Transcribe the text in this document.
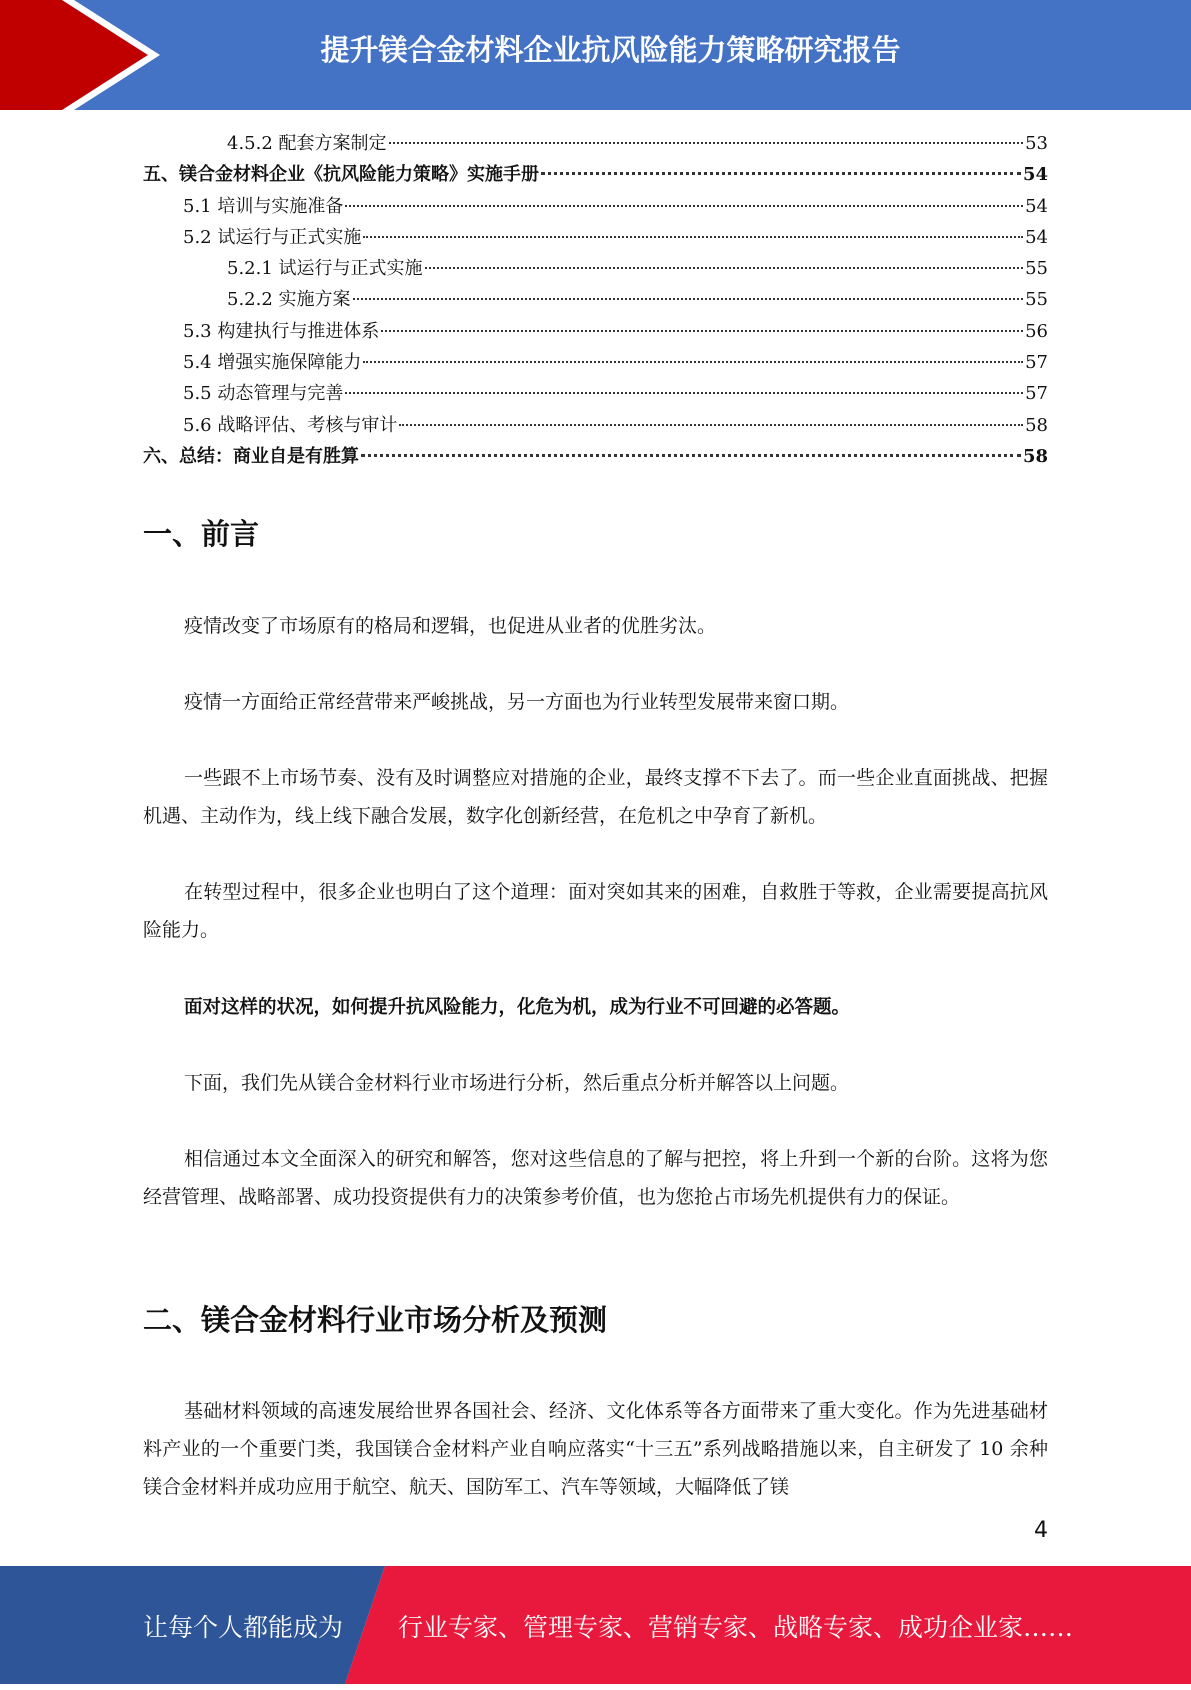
提升镁合金材料企业抗风险能力策略研究报告
4.5.2 配套方案制定	53
五、镁合金材料企业《抗风险能力策略》实施手册	54
5.1 培训与实施准备	54
5.2 试运行与正式实施	54
5.2.1 试运行与正式实施	55
5.2.2 实施方案	55
5.3 构建执行与推进体系	56
5.4 增强实施保障能力	57
5.5 动态管理与完善	57
5.6 战略评估、考核与审计	58
六、总结：商业自是有胜算	58
一、前言

疫情改变了市场原有的格局和逻辑，也促进从业者的优胜劣汰。

疫情一方面给正常经营带来严峻挑战，另一方面也为行业转型发展带来窗口期。

一些跟不上市场节奏、没有及时调整应对措施的企业，最终支撑不下去了。而一些企业直面挑战、把握机遇、主动作为，线上线下融合发展，数字化创新经营，在危机之中孕育了新机。

在转型过程中，很多企业也明白了这个道理：面对突如其来的困难，自救胜于等救，企业需要提高抗风险能力。

面对这样的状况，如何提升抗风险能力，化危为机，成为行业不可回避的必答题。

下面，我们先从镁合金材料行业市场进行分析，然后重点分析并解答以上问题。

相信通过本文全面深入的研究和解答，您对这些信息的了解与把控，将上升到一个新的台阶。这将为您经营管理、战略部署、成功投资提供有力的决策参考价值，也为您抢占市场先机提供有力的保证。

二、镁合金材料行业市场分析及预测

基础材料领域的高速发展给世界各国社会、经济、文化体系等各方面带来了重大变化。作为先进基础材料产业的一个重要门类，我国镁合金材料产业自响应落实“十三五”系列战略措施以来，自主研发了 10 余种镁合金材料并成功应用于航空、航天、国防军工、汽车等领域，大幅降低了镁

4
让每个人都能成为 行业专家、管理专家、营销专家、战略专家、成功企业家……
